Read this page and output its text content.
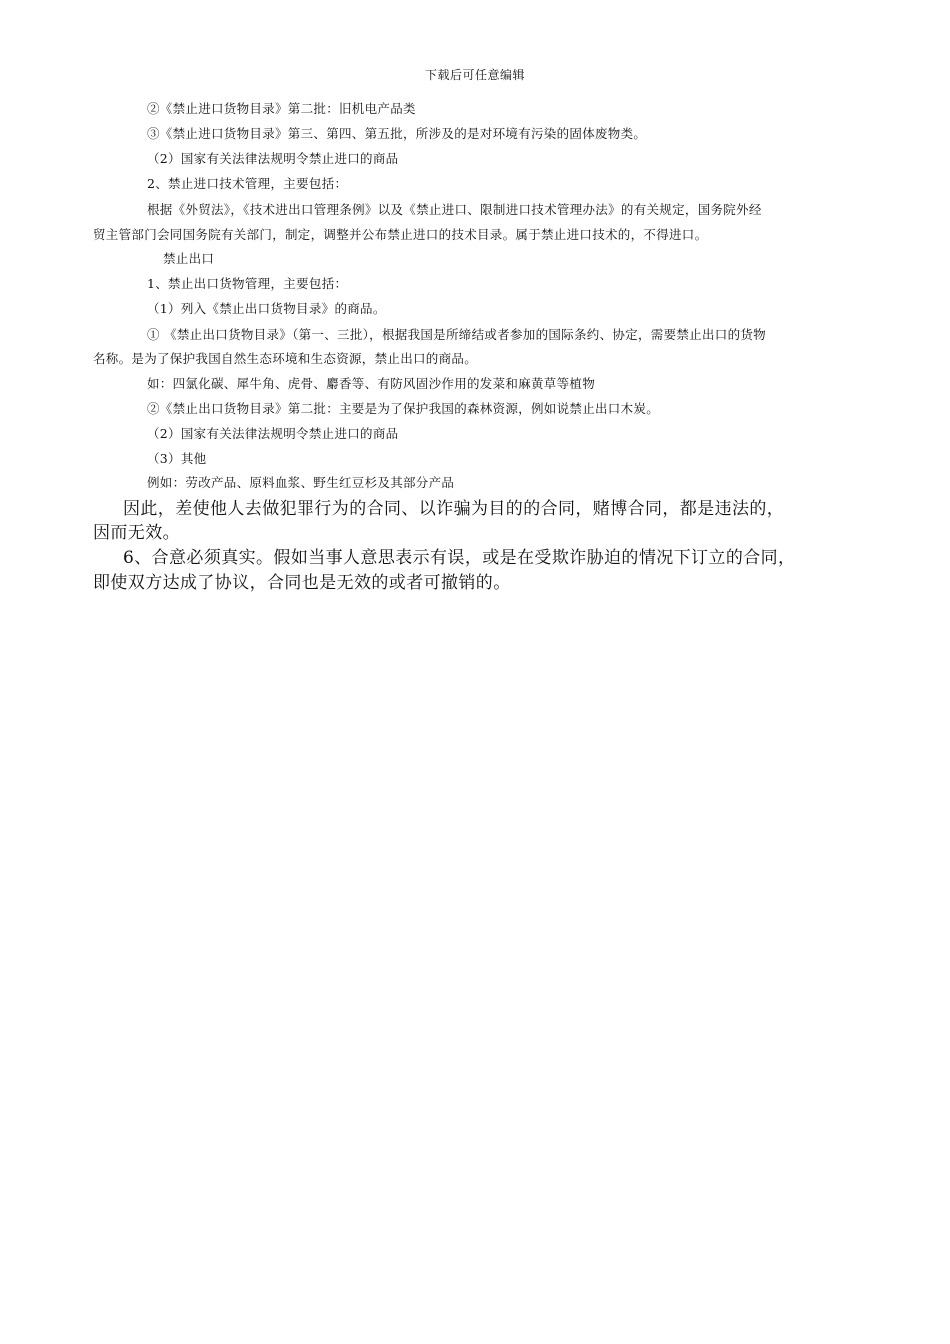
下载后可任意编辑
②《禁止进口货物目录》第二批：旧机电产品类
③《禁止进口货物目录》第三、第四、第五批，所涉及的是对环境有污染的固体废物类。
（2）国家有关法律法规明令禁止进口的商品
2、禁止进口技术管理，主要包括：
根据《外贸法》，《技术进出口管理条例》以及《禁止进口、限制进口技术管理办法》的有关规定，国务院外经
贸主管部门会同国务院有关部门，制定，调整并公布禁止进口的技术目录。属于禁止进口技术的，不得进口。
禁止出口
1、禁止出口货物管理，主要包括：
（1）列入《禁止出口货物目录》的商品。
① 《禁止出口货物目录》（第一、三批），根据我国是所缔结或者参加的国际条约、协定，需要禁止出口的货物
名称。是为了保护我国自然生态环境和生态资源，禁止出口的商品。
如：四氯化碳、犀牛角、虎骨、麝香等、有防风固沙作用的发菜和麻黄草等植物
②《禁止出口货物目录》第二批：主要是为了保护我国的森林资源，例如说禁止出口木炭。
（2）国家有关法律法规明令禁止进口的商品
（3）其他
例如：劳改产品、原料血浆、野生红豆杉及其部分产品
因此，差使他人去做犯罪行为的合同、以诈骗为目的的合同，赌博合同，都是违法的，
因而无效。
6、合意必须真实。假如当事人意思表示有误，或是在受欺诈胁迫的情况下订立的合同，
即使双方达成了协议，合同也是无效的或者可撤销的。
